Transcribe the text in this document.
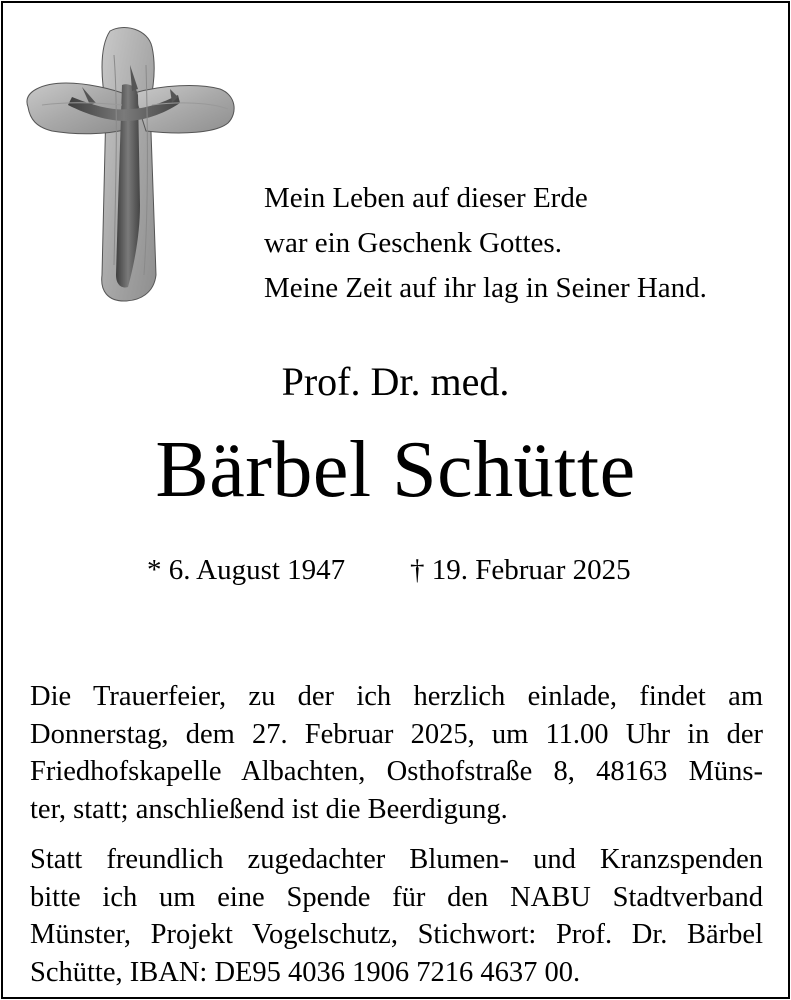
Mein Leben auf dieser Erde
war ein Geschenk Gottes.
Meine Zeit auf ihr lag in Seiner Hand.
Prof. Dr. med.
Bärbel Schütte
* 6. August 1947 † 19. Februar 2025
Die Trauerfeier, zu der ich herzlich einlade, findet am
Donnerstag, dem 27. Februar 2025, um 11.00 Uhr in der
Friedhofskapelle Albachten, Osthofstraße 8, 48163 Müns-
ter, statt; anschließend ist die Beerdigung.
Statt freundlich zugedachter Blumen- und Kranzspenden
bitte ich um eine Spende für den NABU Stadtverband
Münster, Projekt Vogelschutz, Stichwort: Prof. Dr. Bärbel
Schütte, IBAN: DE95 4036 1906 7216 4637 00.
